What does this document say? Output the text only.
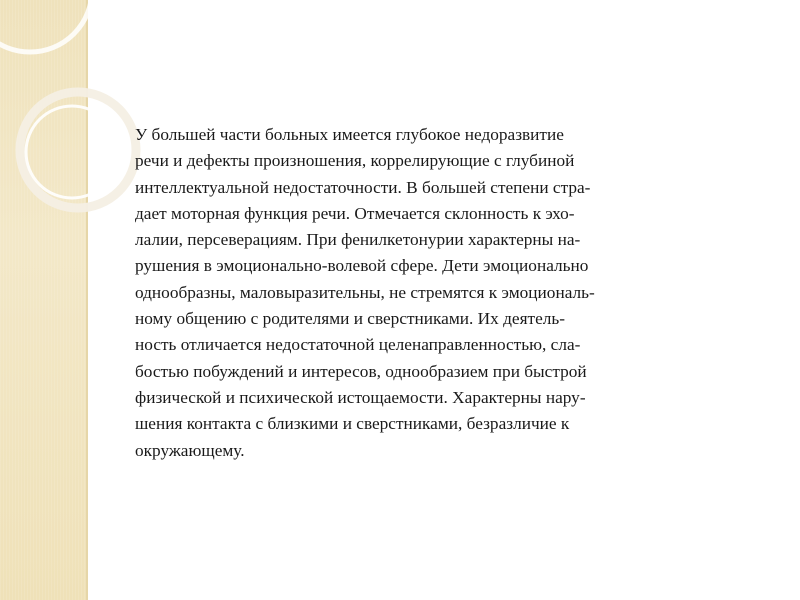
У большей части больных имеется глубокое недоразвитие
речи и дефекты произношения, коррелирующие с глубиной
интеллектуальной недостаточности. В большей степени стра-
дает моторная функция речи. Отмечается склонность к эхо-
лалии, персеверациям. При фенилкетонурии характерны на-
рушения в эмоционально-волевой сфере. Дети эмоционально
однообразны, маловыразительны, не стремятся к эмоциональ-
ному общению с родителями и сверстниками. Их деятель-
ность отличается недостаточной целенаправленностью, сла-
бостью побуждений и интересов, однообразием при быстрой
физической и психической истощаемости. Характерны нару-
шения контакта с близкими и сверстниками, безразличие к
окружающему.
